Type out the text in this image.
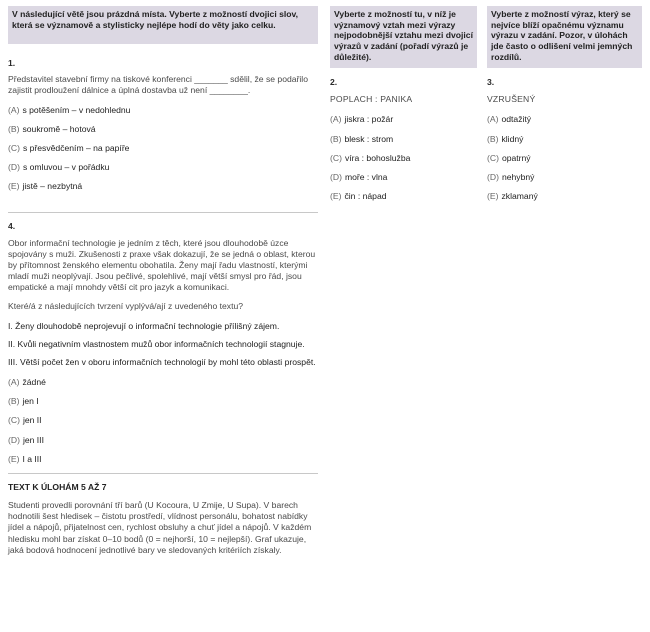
V následující větě jsou prázdná místa. Vyberte z možností dvojici slov, která se významově a stylisticky nejlépe hodí do věty jako celku.
1.
Představitel stavební firmy na tiskové konferenci _______ sdělil, že se podařilo zajistit prodloužení dálnice a úplná dostavba už není ________.
(A) s potěšením – v nedohlednu
(B) soukromě – hotová
(C) s přesvědčením – na papíře
(D) s omluvou – v pořádku
(E) jistě – nezbytná
4.
Obor informační technologie je jedním z těch, které jsou dlouhodobě úzce spojovány s muži. Zkušenosti z praxe však dokazují, že se jedná o oblast, kterou by přítomnost ženského elementu obohatila. Ženy mají řadu vlastností, kterými mladí muži neoplývají. Jsou pečlivé, spolehlivé, mají větší smysl pro řád, jsou empatické a mají mnohdy větší cit pro jazyk a komunikaci.
Které/á z následujících tvrzení vyplývá/ají z uvedeného textu?
I. Ženy dlouhodobě neprojevují o informační technologie přílišný zájem.
II. Kvůli negativním vlastnostem mužů obor informačních technologií stagnuje.
III. Větší počet žen v oboru informačních technologií by mohl této oblasti prospět.
(A) žádné
(B) jen I
(C) jen II
(D) jen III
(E) I a III
TEXT K ÚLOHÁM 5 AŽ 7
Studenti provedli porovnání tří barů (U Kocoura, U Zmije, U Supa). V barech hodnotili šest hledisek – čistotu prostředí, vlídnost personálu, bohatost nabídky jídel a nápojů, přijatelnost cen, rychlost obsluhy a chuť jídel a nápojů. V každém hledisku mohl bar získat 0–10 bodů (0 = nejhorší, 10 = nejlepší). Graf ukazuje, jaká bodová hodnocení jednotlivé bary ve sledovaných kritériích získaly.
Vyberte z možností tu, v níž je významový vztah mezi výrazy nejpodobnější vztahu mezi dvojicí výrazů v zadání (pořadí výrazů je důležité).
2.
POPLACH : PANIKA
(A) jiskra : požár
(B) blesk : strom
(C) víra : bohoslužba
(D) moře : vlna
(E) čin : nápad
Vyberte z možností výraz, který se nejvíce blíží opačnému významu výrazu v zadání. Pozor, v úlohách jde často o odlišení velmi jemných rozdílů.
3.
VZRUŠENÝ
(A) odtažitý
(B) klidný
(C) opatrný
(D) nehybný
(E) zklamaný
